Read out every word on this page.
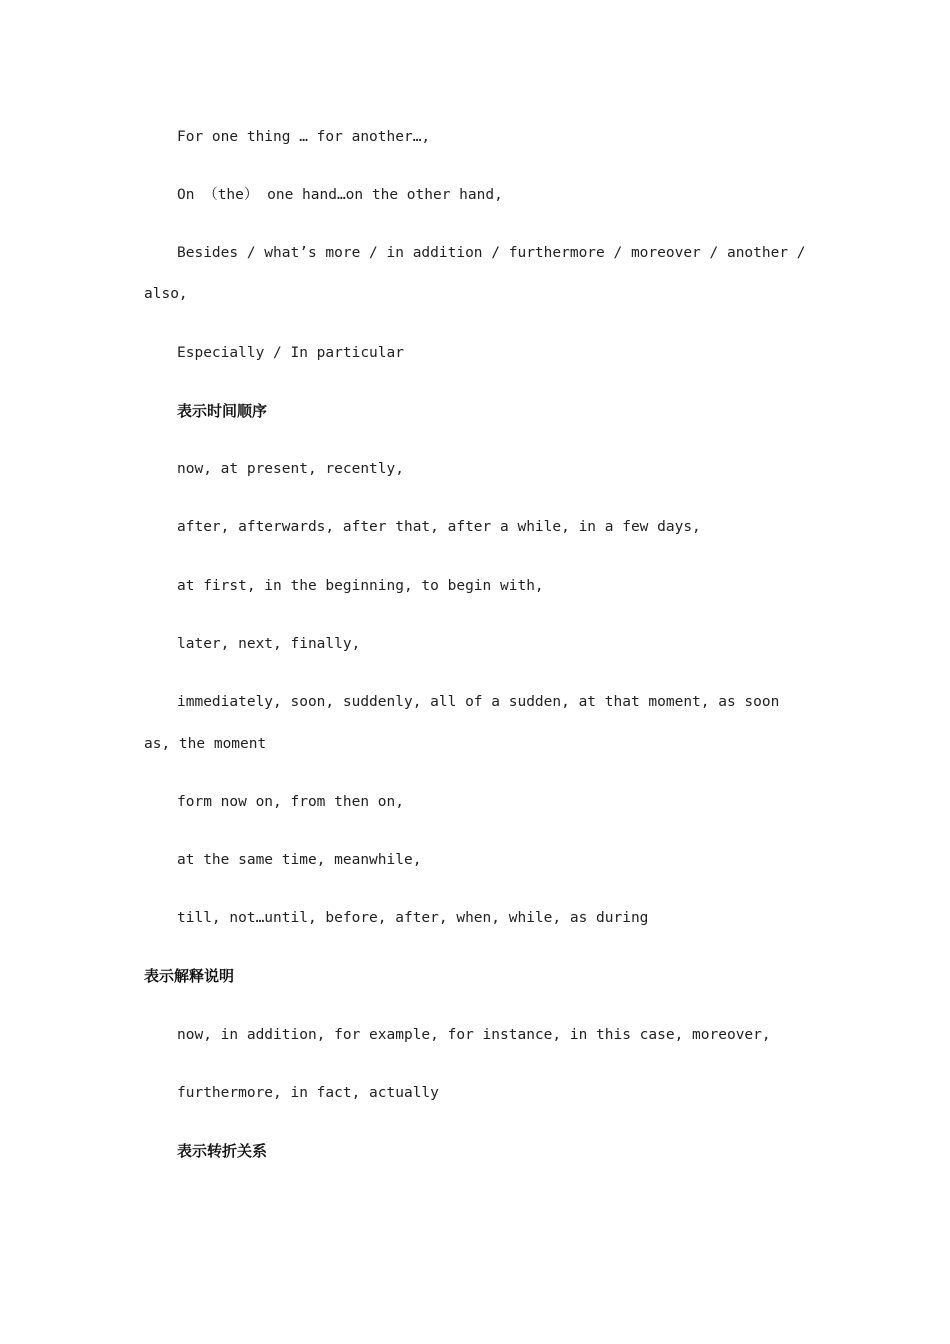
For one thing … for another…,
On （the） one hand…on the other hand,
Besides / what’s more / in addition / furthermore / moreover / another /
also,
Especially / In particular
表示时间顺序
now, at present, recently,
after, afterwards, after that, after a while, in a few days,
at first, in the beginning, to begin with,
later, next, finally,
immediately, soon, suddenly, all of a sudden, at that moment, as soon
as, the moment
form now on, from then on,
at the same time, meanwhile,
till, not…until, before, after, when, while, as during
表示解释说明
now, in addition, for example, for instance, in this case, moreover,
furthermore, in fact, actually
表示转折关系
